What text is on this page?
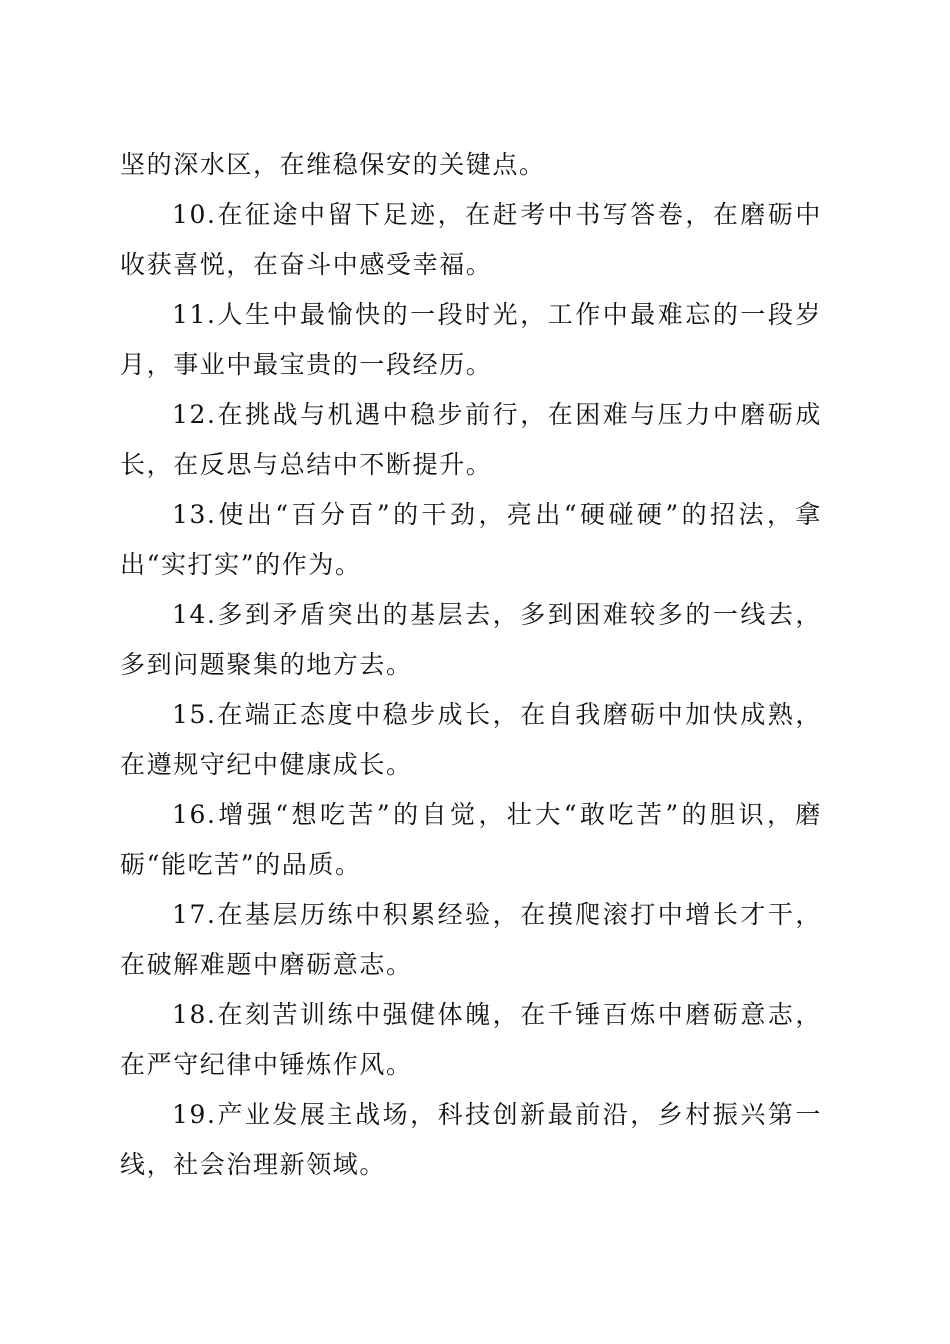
坚的深水区，在维稳保安的关键点。

10.在征途中留下足迹，在赶考中书写答卷，在磨砺中收获喜悦，在奋斗中感受幸福。

11.人生中最愉快的一段时光，工作中最难忘的一段岁月，事业中最宝贵的一段经历。

12.在挑战与机遇中稳步前行，在困难与压力中磨砺成长，在反思与总结中不断提升。

13.使出“百分百”的干劲，亮出“硬碰硬”的招法，拿出“实打实”的作为。

14.多到矛盾突出的基层去，多到困难较多的一线去，多到问题聚集的地方去。

15.在端正态度中稳步成长，在自我磨砺中加快成熟，在遵规守纪中健康成长。

16.增强“想吃苦”的自觉，壮大“敢吃苦”的胆识，磨砺“能吃苦”的品质。

17.在基层历练中积累经验，在摸爬滚打中增长才干，在破解难题中磨砺意志。

18.在刻苦训练中强健体魄，在千锤百炼中磨砺意志，在严守纪律中锤炼作风。

19.产业发展主战场，科技创新最前沿，乡村振兴第一线，社会治理新领域。
